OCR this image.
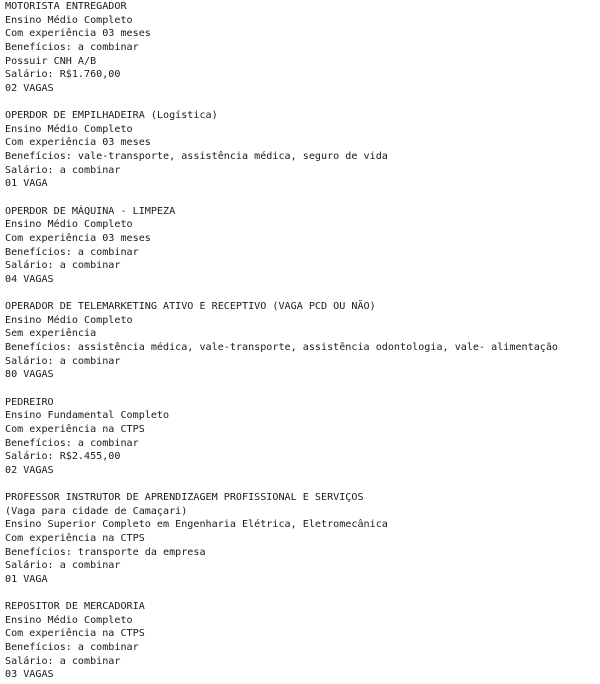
MOTORISTA ENTREGADOR
Ensino Médio Completo
Com experiência 03 meses
Benefícios: a combinar
Possuir CNH A/B
Salário: R$1.760,00
02 VAGAS
OPERDOR DE EMPILHADEIRA (Logística)
Ensino Médio Completo
Com experiência 03 meses
Benefícios: vale-transporte, assistência médica, seguro de vida
Salário: a combinar
01 VAGA
OPERDOR DE MÁQUINA - LIMPEZA
Ensino Médio Completo
Com experiência 03 meses
Benefícios: a combinar
Salário: a combinar
04 VAGAS
OPERADOR DE TELEMARKETING ATIVO E RECEPTIVO (VAGA PCD OU NÃO)
Ensino Médio Completo
Sem experiência
Benefícios: assistência médica, vale-transporte, assistência odontologia, vale- alimentação
Salário: a combinar
80 VAGAS
PEDREIRO
Ensino Fundamental Completo
Com experiência na CTPS
Benefícios: a combinar
Salário: R$2.455,00
02 VAGAS
PROFESSOR INSTRUTOR DE APRENDIZAGEM PROFISSIONAL E SERVIÇOS
(Vaga para cidade de Camaçari)
Ensino Superior Completo em Engenharia Elétrica, Eletromecânica
Com experiência na CTPS
Benefícios: transporte da empresa
Salário: a combinar
01 VAGA
REPOSITOR DE MERCADORIA
Ensino Médio Completo
Com experiência na CTPS
Benefícios: a combinar
Salário: a combinar
03 VAGAS
